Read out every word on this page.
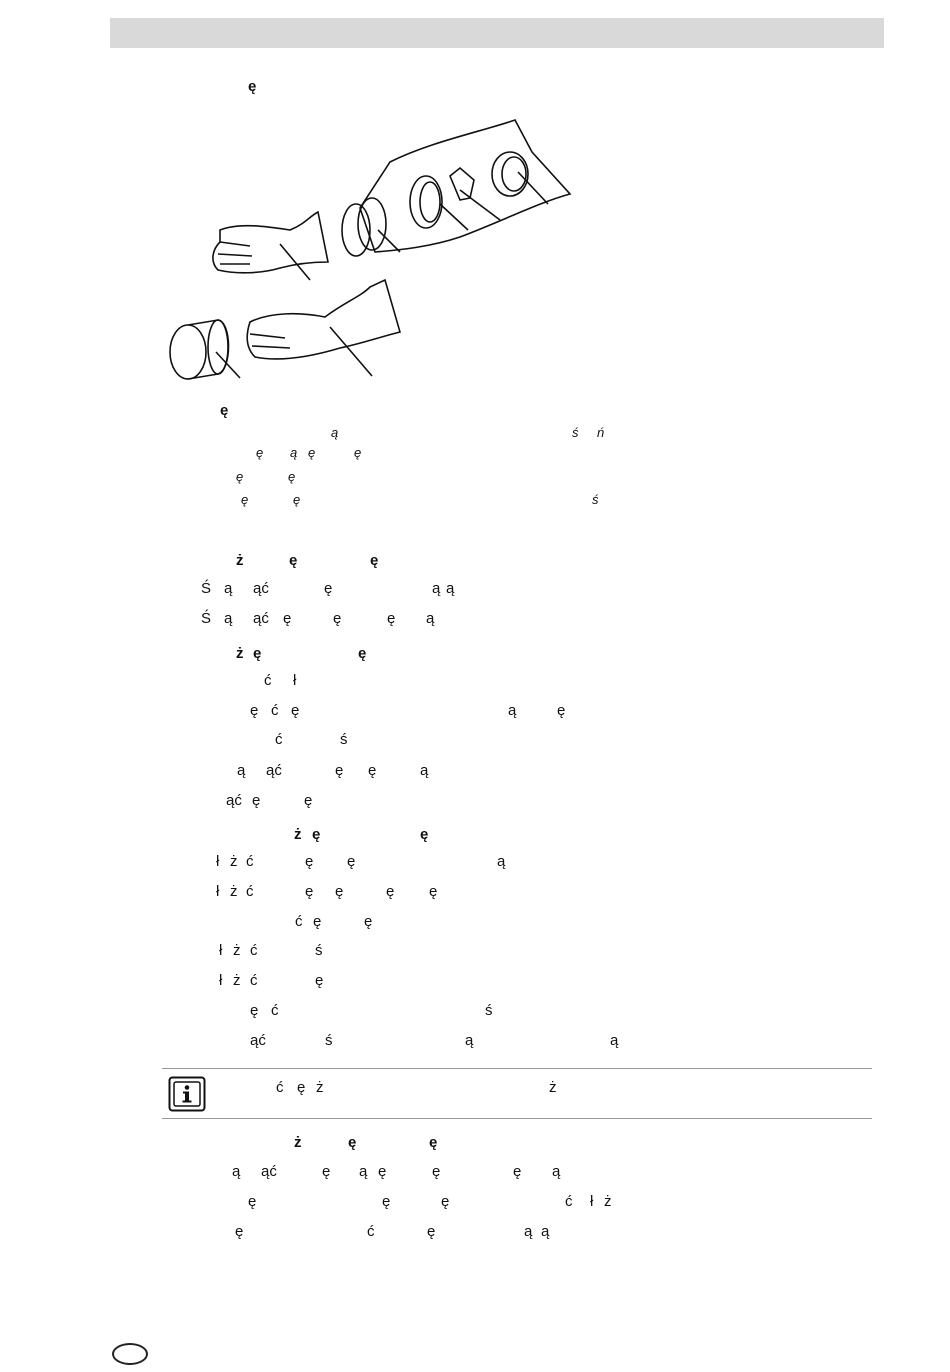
ę
ę
ą	ś ń
ę ą ę	ę
ę	ę
ę	ę	ś
ż	ę	ę
Ś ą ąć	ę	ą ą
Ś ą ąć ę	ę	ę ą
ż ę	ę
ć ł
ę ć ę	ą	ę
ć	ś
ą ąć	ę ę	ą
ąć ę	ę
ż ę	ę
ł ż ć	ę ę	ą
ł ż ć	ę ę	ę ę
ć ę	ę
ł ż ć	ś
ł ż ć	ę
ę ć	ś
ąć	ś	ą	ą
ć ę ż	ż
ż	ę	ę
ą ąć	ę ą ę	ę	ę ą
ę	ę	ę	ć ł ż
ę	ć	ę	ą ą
